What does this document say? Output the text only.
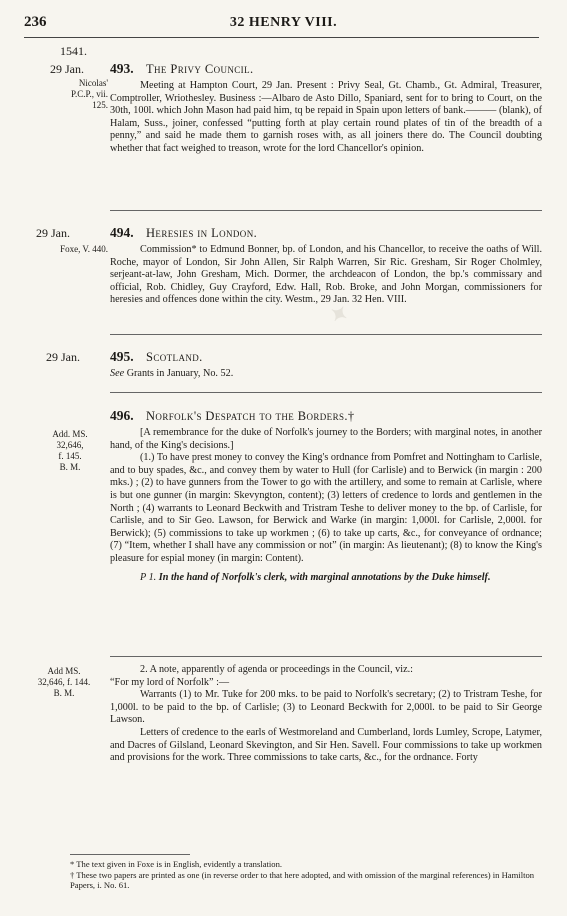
236	32 HENRY VIII.
1541.
29 Jan.
Nicolas'
P.C.P., vii.
125.
493. The Privy Council.

Meeting at Hampton Court, 29 Jan. Present : Privy Seal, Gt. Chamb., Gt. Admiral, Treasurer, Comptroller, Wriothesley. Business :—Albaro de Asto Dillo, Spaniard, sent for to bring to Court, on the 30th, 100l. which John Mason had paid him, tq be repaid in Spain upon letters of bank.——— (blank), of Halam, Suss., joiner, confessed “putting forth at play certain round plates of tin of the breadth of a penny,” and said he made them to garnish roses with, as all joiners there do. The Council doubting whether that fact weighed to treason, wrote for the lord Chancellor's opinion.

29 Jan.
Foxe, V. 440.
494. Heresies in London.

Commission* to Edmund Bonner, bp. of London, and his Chancellor, to receive the oaths of Will. Roche, mayor of London, Sir John Allen, Sir Ralph Warren, Sir Ric. Gresham, Sir Roger Cholmley, serjeant-at-law, John Gresham, Mich. Dormer, the archdeacon of London, the bp.'s commissary and official, Rob. Chidley, Guy Crayford, Edw. Hall, Rob. Broke, and John Morgan, commissioners for heresies and offences done within the city. Westm., 29 Jan. 32 Hen. VIII.

29 Jan. 495. Scotland.

See Grants in January, No. 52.

496. Norfolk's Despatch to the Borders.†
Add. MS.
32,646,
f. 145.
B. M.

[A remembrance for the duke of Norfolk's journey to the Borders; with marginal notes, in another hand, of the King's decisions.]

(1.) To have prest money to convey the King's ordnance from Pomfret and Nottingham to Carlisle, and to buy spades, &c., and convey them by water to Hull (for Carlisle) and to Berwick (in margin : 200 mks.) ; (2) to have gunners from the Tower to go with the artillery, and some to remain at Carlisle, where is but one gunner (in margin: Skevyngton, content); (3) letters of credence to lords and gentlemen in the North ; (4) warrants to Leonard Beckwith and Tristram Teshe to deliver money to the bp. of Carlisle, for Carlisle, and to Sir Geo. Lawson, for Berwick and Warke (in margin: 1,000l. for Carlisle, 2,000l. for Berwick); (5) commissions to take up workmen ; (6) to take up carts, &c., for conveyance of ordnance; (7) “Item, whether I shall have any commission or not” (in margin: As lieutenant); (8) to know the King's pleasure for espial money (in margin: Content).

P 1. In the hand of Norfolk's clerk, with marginal annotations by the Duke himself.

Add MS.
32,646, f. 144.
B. M.

2. A note, apparently of agenda or proceedings in the Council, viz.:

“For my lord of Norfolk” :—

Warrants (1) to Mr. Tuke for 200 mks. to be paid to Norfolk's secretary; (2) to Tristram Teshe, for 1,000l. to be paid to the bp. of Carlisle; (3) to Leonard Beckwith for 2,000l. to be paid to Sir George Lawson.

Letters of credence to the earls of Westmoreland and Cumberland, lords Lumley, Scrope, Latymer, and Dacres of Gilsland, Leonard Skevington, and Sir Hen. Savell. Four commissions to take up workmen and provisions for the work. Three commissions to take carts, &c., for the ordnance. Forty

* The text given in Foxe is in English, evidently a translation.

† These two papers are printed as one (in reverse order to that here adopted, and with omission of the marginal references) in Hamilton Papers, i. No. 61.

✦
